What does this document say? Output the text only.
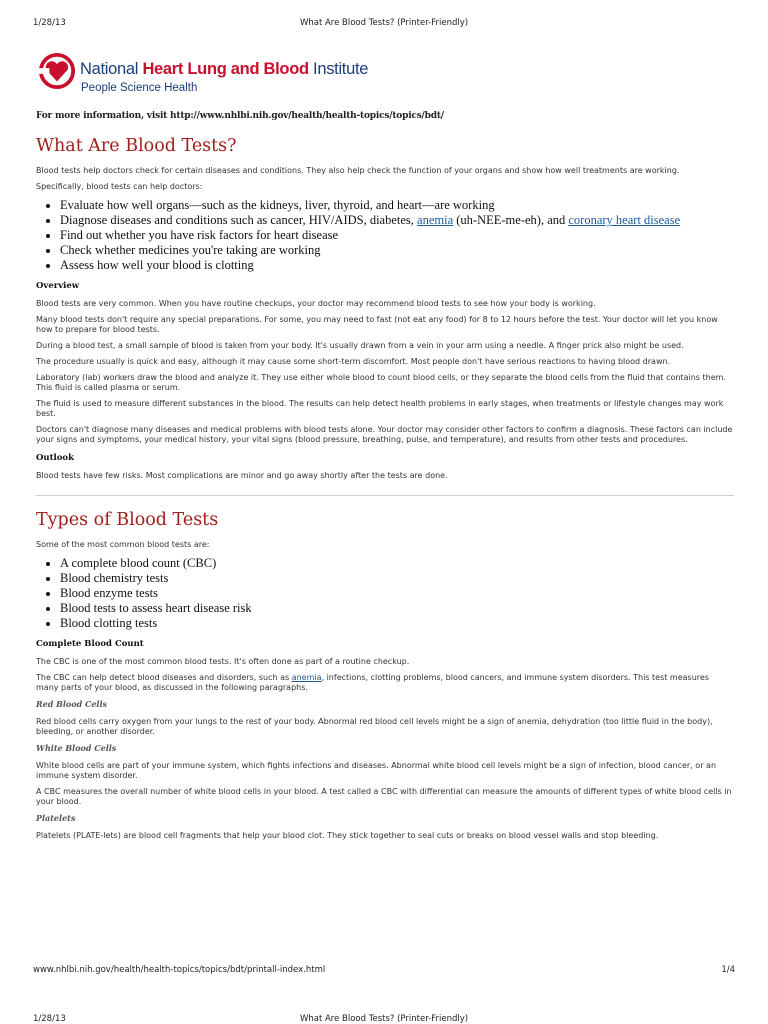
1/28/13	What Are Blood Tests? (Printer-Friendly)
National Heart Lung and Blood Institute
People Science Health
For more information, visit http://www.nhlbi.nih.gov/health/health-topics/topics/bdt/
What Are Blood Tests?

Blood tests help doctors check for certain diseases and conditions. They also help check the function of your organs and show how well treatments are working.

Specifically, blood tests can help doctors:

• Evaluate how well organs—such as the kidneys, liver, thyroid, and heart—are working
• Diagnose diseases and conditions such as cancer, HIV/AIDS, diabetes, anemia (uh-NEE-me-eh), and coronary heart disease
• Find out whether you have risk factors for heart disease
• Check whether medicines you're taking are working
• Assess how well your blood is clotting
Overview

Blood tests are very common. When you have routine checkups, your doctor may recommend blood tests to see how your body is working.

Many blood tests don't require any special preparations. For some, you may need to fast (not eat any food) for 8 to 12 hours before the test. Your doctor will let you know how to prepare for blood tests.

During a blood test, a small sample of blood is taken from your body. It's usually drawn from a vein in your arm using a needle. A finger prick also might be used.

The procedure usually is quick and easy, although it may cause some short-term discomfort. Most people don't have serious reactions to having blood drawn.

Laboratory (lab) workers draw the blood and analyze it. They use either whole blood to count blood cells, or they separate the blood cells from the fluid that contains them. This fluid is called plasma or serum.

The fluid is used to measure different substances in the blood. The results can help detect health problems in early stages, when treatments or lifestyle changes may work best.

Doctors can't diagnose many diseases and medical problems with blood tests alone. Your doctor may consider other factors to confirm a diagnosis. These factors can include your signs and symptoms, your medical history, your vital signs (blood pressure, breathing, pulse, and temperature), and results from other tests and procedures.

Outlook

Blood tests have few risks. Most complications are minor and go away shortly after the tests are done.

Types of Blood Tests

Some of the most common blood tests are:

• A complete blood count (CBC)
• Blood chemistry tests
• Blood enzyme tests
• Blood tests to assess heart disease risk
• Blood clotting tests
Complete Blood Count

The CBC is one of the most common blood tests. It's often done as part of a routine checkup.

The CBC can help detect blood diseases and disorders, such as anemia, infections, clotting problems, blood cancers, and immune system disorders. This test measures many parts of your blood, as discussed in the following paragraphs.

Red Blood Cells

Red blood cells carry oxygen from your lungs to the rest of your body. Abnormal red blood cell levels might be a sign of anemia, dehydration (too little fluid in the body), bleeding, or another disorder.

White Blood Cells

White blood cells are part of your immune system, which fights infections and diseases. Abnormal white blood cell levels might be a sign of infection, blood cancer, or an immune system disorder.

A CBC measures the overall number of white blood cells in your blood. A test called a CBC with differential can measure the amounts of different types of white blood cells in your blood.

Platelets

Platelets (PLATE-lets) are blood cell fragments that help your blood clot. They stick together to seal cuts or breaks on blood vessel walls and stop bleeding.

www.nhlbi.nih.gov/health/health-topics/topics/bdt/printall-index.html	1/4
1/28/13	What Are Blood Tests? (Printer-Friendly)
